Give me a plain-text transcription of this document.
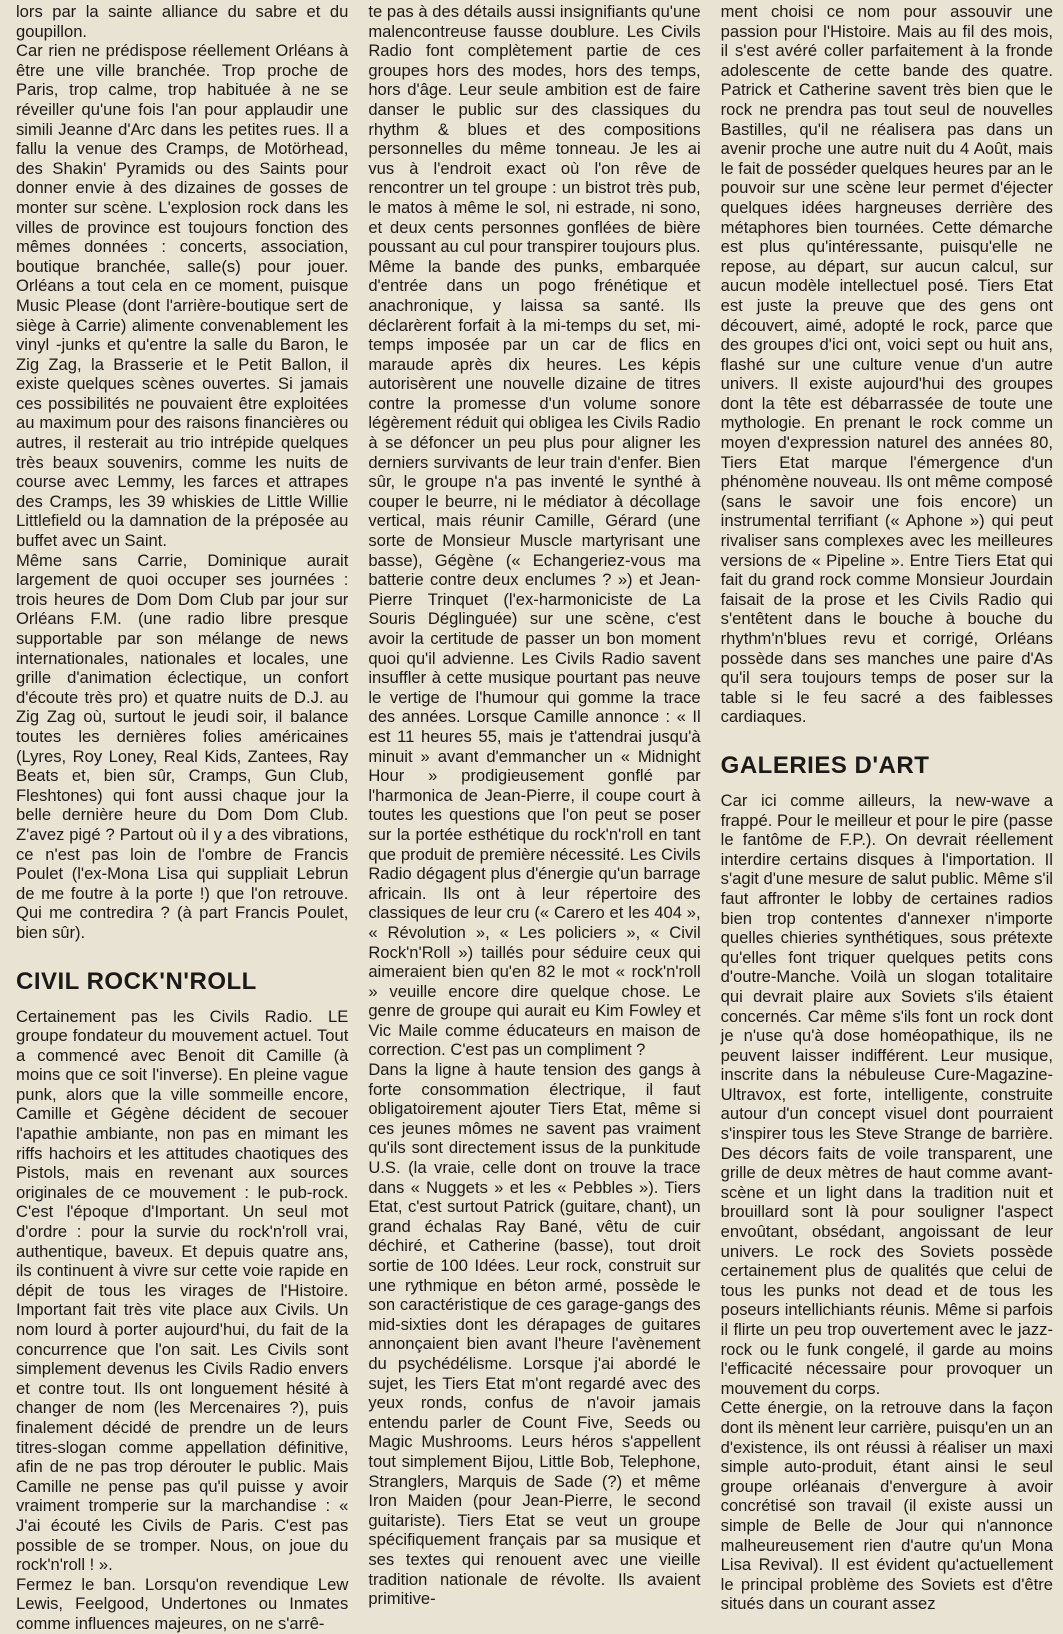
lors par la sainte alliance du sabre et du goupillon.

Car rien ne prédispose réellement Orléans à être une ville branchée. Trop proche de Paris, trop calme, trop habituée à ne se réveiller qu'une fois l'an pour applaudir une simili Jeanne d'Arc dans les petites rues. Il a fallu la venue des Cramps, de Motörhead, des Shakin' Pyramids ou des Saints pour donner envie à des dizaines de gosses de monter sur scène. L'explosion rock dans les villes de province est toujours fonction des mêmes données : concerts, association, boutique branchée, salle(s) pour jouer. Orléans a tout cela en ce moment, puisque Music Please (dont l'arrière-boutique sert de siège à Carrie) alimente convenablement les vinyl -junks et qu'entre la salle du Baron, le Zig Zag, la Brasserie et le Petit Ballon, il existe quelques scènes ouvertes. Si jamais ces possibilités ne pouvaient être exploitées au maximum pour des raisons financières ou autres, il resterait au trio intrépide quelques très beaux souvenirs, comme les nuits de course avec Lemmy, les farces et attrapes des Cramps, les 39 whiskies de Little Willie Littlefield ou la damnation de la préposée au buffet avec un Saint.

Même sans Carrie, Dominique aurait largement de quoi occuper ses journées : trois heures de Dom Dom Club par jour sur Orléans F.M. (une radio libre presque supportable par son mélange de news internationales, nationales et locales, une grille d'animation éclectique, un confort d'écoute très pro) et quatre nuits de D.J. au Zig Zag où, surtout le jeudi soir, il balance toutes les dernières folies américaines (Lyres, Roy Loney, Real Kids, Zantees, Ray Beats et, bien sûr, Cramps, Gun Club, Fleshtones) qui font aussi chaque jour la belle dernière heure du Dom Dom Club. Z'avez pigé ? Partout où il y a des vibrations, ce n'est pas loin de l'ombre de Francis Poulet (l'ex-Mona Lisa qui suppliait Lebrun de me foutre à la porte !) que l'on retrouve. Qui me contredira ? (à part Francis Poulet, bien sûr).

CIVIL ROCK'N'ROLL

Certainement pas les Civils Radio. LE groupe fondateur du mouvement actuel. Tout a commencé avec Benoit dit Camille (à moins que ce soit l'inverse). En pleine vague punk, alors que la ville sommeille encore, Camille et Gégène décident de secouer l'apathie ambiante, non pas en mimant les riffs hachoirs et les attitudes chaotiques des Pistols, mais en revenant aux sources originales de ce mouvement : le pub-rock. C'est l'époque d'Important. Un seul mot d'ordre : pour la survie du rock'n'roll vrai, authentique, baveux. Et depuis quatre ans, ils continuent à vivre sur cette voie rapide en dépit de tous les virages de l'Histoire. Important fait très vite place aux Civils. Un nom lourd à porter aujourd'hui, du fait de la concurrence que l'on sait. Les Civils sont simplement devenus les Civils Radio envers et contre tout. Ils ont longuement hésité à changer de nom (les Mercenaires ?), puis finalement décidé de prendre un de leurs titres-slogan comme appellation définitive, afin de ne pas trop dérouter le public. Mais Camille ne pense pas qu'il puisse y avoir vraiment tromperie sur la marchandise : « J'ai écouté les Civils de Paris. C'est pas possible de se tromper. Nous, on joue du rock'n'roll ! ».

Fermez le ban. Lorsqu'on revendique Lew Lewis, Feelgood, Undertones ou Inmates comme influences majeures, on ne s'arrê-

te pas à des détails aussi insignifiants qu'une malencontreuse fausse doublure. Les Civils Radio font complètement partie de ces groupes hors des modes, hors des temps, hors d'âge. Leur seule ambition est de faire danser le public sur des classiques du rhythm & blues et des compositions personnelles du même tonneau. Je les ai vus à l'endroit exact où l'on rêve de rencontrer un tel groupe : un bistrot très pub, le matos à même le sol, ni estrade, ni sono, et deux cents personnes gonflées de bière poussant au cul pour transpirer toujours plus. Même la bande des punks, embarquée d'entrée dans un pogo frénétique et anachronique, y laissa sa santé. Ils déclarèrent forfait à la mi-temps du set, mi-temps imposée par un car de flics en maraude après dix heures. Les képis autorisèrent une nouvelle dizaine de titres contre la promesse d'un volume sonore légèrement réduit qui obligea les Civils Radio à se défoncer un peu plus pour aligner les derniers survivants de leur train d'enfer. Bien sûr, le groupe n'a pas inventé le synthé à couper le beurre, ni le médiator à décollage vertical, mais réunir Camille, Gérard (une sorte de Monsieur Muscle martyrisant une basse), Gégène (« Echangeriez-vous ma batterie contre deux enclumes ? ») et Jean-Pierre Trinquet (l'ex-harmoniciste de La Souris Déglinguée) sur une scène, c'est avoir la certitude de passer un bon moment quoi qu'il advienne. Les Civils Radio savent insuffler à cette musique pourtant pas neuve le vertige de l'humour qui gomme la trace des années. Lorsque Camille annonce : « Il est 11 heures 55, mais je t'attendrai jusqu'à minuit » avant d'emmancher un « Midnight Hour » prodigieusement gonflé par l'harmonica de Jean-Pierre, il coupe court à toutes les questions que l'on peut se poser sur la portée esthétique du rock'n'roll en tant que produit de première nécessité. Les Civils Radio dégagent plus d'énergie qu'un barrage africain. Ils ont à leur répertoire des classiques de leur cru (« Carero et les 404 », « Révolution », « Les policiers », « Civil Rock'n'Roll ») taillés pour séduire ceux qui aimeraient bien qu'en 82 le mot « rock'n'roll » veuille encore dire quelque chose. Le genre de groupe qui aurait eu Kim Fowley et Vic Maile comme éducateurs en maison de correction. C'est pas un compliment ?

Dans la ligne à haute tension des gangs à forte consommation électrique, il faut obligatoirement ajouter Tiers Etat, même si ces jeunes mômes ne savent pas vraiment qu'ils sont directement issus de la punkitude U.S. (la vraie, celle dont on trouve la trace dans « Nuggets » et les « Pebbles »). Tiers Etat, c'est surtout Patrick (guitare, chant), un grand échalas Ray Bané, vêtu de cuir déchiré, et Catherine (basse), tout droit sortie de 100 Idées. Leur rock, construit sur une rythmique en béton armé, possède le son caractéristique de ces garage-gangs des mid-sixties dont les dérapages de guitares annonçaient bien avant l'heure l'avènement du psychédélisme. Lorsque j'ai abordé le sujet, les Tiers Etat m'ont regardé avec des yeux ronds, confus de n'avoir jamais entendu parler de Count Five, Seeds ou Magic Mushrooms. Leurs héros s'appellent tout simplement Bijou, Little Bob, Telephone, Stranglers, Marquis de Sade (?) et même Iron Maiden (pour Jean-Pierre, le second guitariste). Tiers Etat se veut un groupe spécifiquement français par sa musique et ses textes qui renouent avec une vieille tradition nationale de révolte. Ils avaient primitive-

ment choisi ce nom pour assouvir une passion pour l'Histoire. Mais au fil des mois, il s'est avéré coller parfaitement à la fronde adolescente de cette bande des quatre. Patrick et Catherine savent très bien que le rock ne prendra pas tout seul de nouvelles Bastilles, qu'il ne réalisera pas dans un avenir proche une autre nuit du 4 Août, mais le fait de posséder quelques heures par an le pouvoir sur une scène leur permet d'éjecter quelques idées hargneuses derrière des métaphores bien tournées. Cette démarche est plus qu'intéressante, puisqu'elle ne repose, au départ, sur aucun calcul, sur aucun modèle intellectuel posé. Tiers Etat est juste la preuve que des gens ont découvert, aimé, adopté le rock, parce que des groupes d'ici ont, voici sept ou huit ans, flashé sur une culture venue d'un autre univers. Il existe aujourd'hui des groupes dont la tête est débarrassée de toute une mythologie. En prenant le rock comme un moyen d'expression naturel des années 80, Tiers Etat marque l'émergence d'un phénomène nouveau. Ils ont même composé (sans le savoir une fois encore) un instrumental terrifiant (« Aphone ») qui peut rivaliser sans complexes avec les meilleures versions de « Pipeline ». Entre Tiers Etat qui fait du grand rock comme Monsieur Jourdain faisait de la prose et les Civils Radio qui s'entêtent dans le bouche à bouche du rhythm'n'blues revu et corrigé, Orléans possède dans ses manches une paire d'As qu'il sera toujours temps de poser sur la table si le feu sacré a des faiblesses cardiaques.

GALERIES D'ART

Car ici comme ailleurs, la new-wave a frappé. Pour le meilleur et pour le pire (passe le fantôme de F.P.). On devrait réellement interdire certains disques à l'importation. Il s'agit d'une mesure de salut public. Même s'il faut affronter le lobby de certaines radios bien trop contentes d'annexer n'importe quelles chieries synthétiques, sous prétexte qu'elles font triquer quelques petits cons d'outre-Manche. Voilà un slogan totalitaire qui devrait plaire aux Soviets s'ils étaient concernés. Car même s'ils font un rock dont je n'use qu'à dose homéopathique, ils ne peuvent laisser indifférent. Leur musique, inscrite dans la nébuleuse Cure-Magazine-Ultravox, est forte, intelligente, construite autour d'un concept visuel dont pourraient s'inspirer tous les Steve Strange de barrière. Des décors faits de voile transparent, une grille de deux mètres de haut comme avant-scène et un light dans la tradition nuit et brouillard sont là pour souligner l'aspect envoûtant, obsédant, angoissant de leur univers. Le rock des Soviets possède certainement plus de qualités que celui de tous les punks not dead et de tous les poseurs intellichiants réunis. Même si parfois il flirte un peu trop ouvertement avec le jazz-rock ou le funk congelé, il garde au moins l'efficacité nécessaire pour provoquer un mouvement du corps.

Cette énergie, on la retrouve dans la façon dont ils mènent leur carrière, puisqu'en un an d'existence, ils ont réussi à réaliser un maxi simple auto-produit, étant ainsi le seul groupe orléanais d'envergure à avoir concrétisé son travail (il existe aussi un simple de Belle de Jour qui n'annonce malheureusement rien d'autre qu'un Mona Lisa Revival). Il est évident qu'actuellement le principal problème des Soviets est d'être situés dans un courant assez
